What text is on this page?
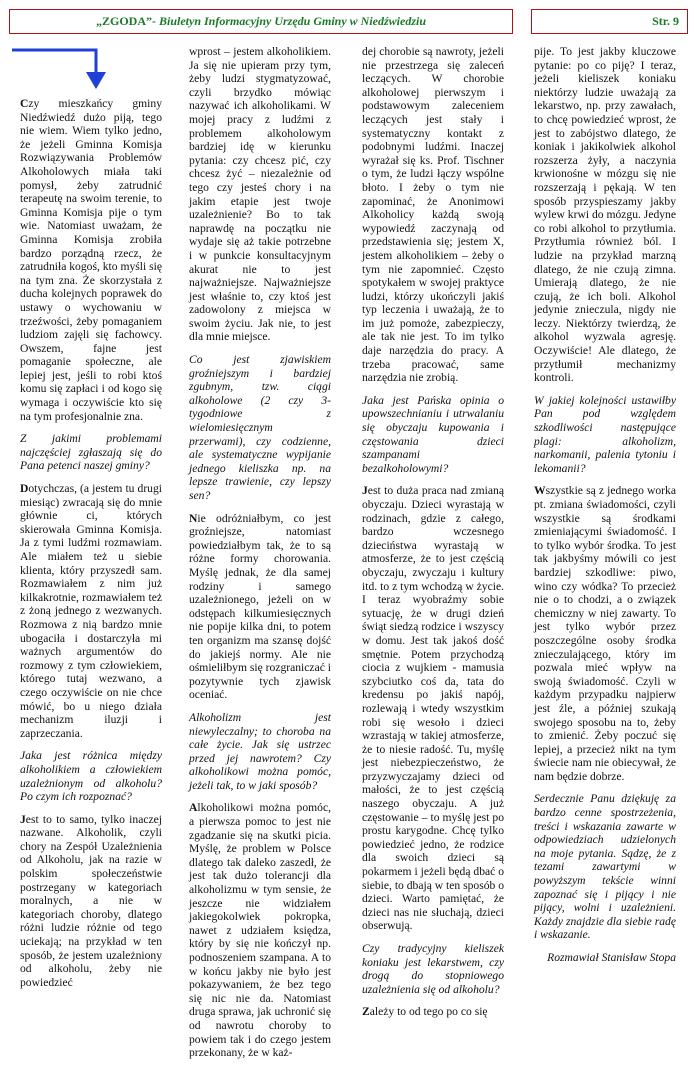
„ZGODA” - Biuletyn Informacyjny Urzędu Gminy w Niedźwiedziu	Str. 9

Czy mieszkańcy gminy Niedźwiedź dużo piją, tego nie wiem. Wiem tylko jedno, że jeżeli Gminna Komisja Rozwiązywania Problemów Alkoholowych miała taki pomysł, żeby zatrudnić terapeutę na swoim terenie, to Gminna Komisja pije o tym wie. Natomiast uważam, że Gminna Komisja zrobiła bardzo porządną rzecz, że zatrudniła kogoś, kto myśli się na tym zna. Że skorzystała z ducha kolejnych poprawek do ustawy o wychowaniu w trzeźwości, żeby pomaganiem ludziom zajęli się fachowcy. Owszem, fajne jest pomaganie społeczne, ale lepiej jest, jeśli to robi ktoś komu się zapłaci i od kogo się wymaga i oczywiście kto się na tym profesjonalnie zna.

Z jakimi problemami najczęściej zgłaszają się do Pana petenci naszej gminy?

Dotychczas, (a jestem tu drugi miesiąc) zwracają się do mnie głównie ci, których skierowała Gminna Komisja. Ja z tymi ludźmi rozmawiam. Ale miałem też u siebie klienta, który przyszedł sam. Rozmawiałem z nim już kilkakrotnie, rozmawiałem też z żoną jednego z wezwanych. Rozmowa z nią bardzo mnie ubogaciła i dostarczyła mi ważnych argumentów do rozmowy z tym człowiekiem, którego tutaj wezwano, a czego oczywiście on nie chce mówić, bo u niego działa mechanizm iluzji i zaprzeczania.

Jaka jest różnica między alkoholikiem a człowiekiem uzależnionym od alkoholu? Po czym ich rozpoznać?

Jest to to samo, tylko inaczej nazwane. Alkoholik, czyli chory na Zespół Uzależnienia od Alkoholu, jak na razie w polskim społeczeństwie postrzegany w kategoriach moralnych, a nie w kategoriach choroby, dlatego różni ludzie różnie od tego uciekają; na przykład w ten sposób, że jestem uzależniony od alkoholu, żeby nie powiedzieć

wprost – jestem alkoholikiem. Ja się nie upieram przy tym, żeby ludzi stygmatyzować, czyli brzydko mówiąc nazywać ich alkoholikami. W mojej pracy z ludźmi z problemem alkoholowym bardziej idę w kierunku pytania: czy chcesz pić, czy chcesz żyć – niezależnie od tego czy jesteś chory i na jakim etapie jest twoje uzależnienie? Bo to tak naprawdę na początku nie wydaje się aż takie potrzebne i w punkcie konsultacyjnym akurat nie to jest najważniejsze. Najważniejsze jest właśnie to, czy ktoś jest zadowolony z miejsca w swoim życiu. Jak nie, to jest dla mnie miejsce.

Co jest zjawiskiem groźniejszym i bardziej zgubnym, tzw. ciągi alkoholowe (2 czy 3-tygodniowe z wielomiesięcznym przerwami), czy codzienne, ale systematyczne wypijanie jednego kieliszka np. na lepsze trawienie, czy lepszy sen?

Nie odróżniałbym, co jest groźniejsze, natomiast powiedziałbym tak, że to są różne formy chorowania. Myślę jednak, że dla samej rodziny i samego uzależnionego, jeżeli on w odstępach kilkumiesięcznych nie popije kilka dni, to potem ten organizm ma szansę dojść do jakiejś normy. Ale nie ośmieliłbym się rozgraniczać i pozytywnie tych zjawisk oceniać.

Alkoholizm jest niewyleczalny; to choroba na całe życie. Jak się ustrzec przed jej nawrotem? Czy alkoholikowi można pomóc, jeżeli tak, to w jaki sposób?

Alkoholikowi można pomóc, a pierwsza pomoc to jest nie zgadzanie się na skutki picia. Myślę, że problem w Polsce dlatego tak daleko zaszedł, że jest tak dużo tolerancji dla alkoholizmu w tym sensie, że jeszcze nie widziałem jakiegokolwiek pokropka, nawet z udziałem księdza, który by się nie kończył np. podnoszeniem szampana. A to w końcu jakby nie było jest pokazywaniem, że bez tego się nic nie da. Natomiast druga sprawa, jak uchronić się od nawrotu choroby to powiem tak i do czego jestem przekonany, że w każ-

dej chorobie są nawroty, jeżeli nie przestrzega się zaleceń leczących. W chorobie alkoholowej pierwszym i podstawowym zaleceniem leczących jest stały i systematyczny kontakt z podobnymi ludźmi. Inaczej wyrażał się ks. Prof. Tischner o tym, że ludzi łączy wspólne błoto. I żeby o tym nie zapominać, że Anonimowi Alkoholicy każdą swoją wypowiedź zaczynają od przedstawienia się; jestem X, jestem alkoholikiem – żeby o tym nie zapomnieć. Często spotykałem w swojej praktyce ludzi, którzy ukończyli jakiś typ leczenia i uważają, że to im już pomoże, zabezpieczy, ale tak nie jest. To im tylko daje narzędzia do pracy. A trzeba pracować, same narzędzia nie zrobią.

Jaka jest Pańska opinia o upowszechnianiu i utrwalaniu się obyczaju kupowania i częstowania dzieci szampanami bezalkoholowymi?

Jest to duża praca nad zmianą obyczaju. Dzieci wyrastają w rodzinach, gdzie z całego, bardzo wczesnego dzieciństwa wyrastają w atmosferze, że to jest częścią obyczaju, zwyczaju i kultury itd. to z tym wchodzą w życie. I teraz wyobraźmy sobie sytuację, że w drugi dzień świąt siedzą rodzice i wszyscy w domu. Jest tak jakoś dość smętnie. Potem przychodzą ciocia z wujkiem - mamusia szybciutko coś da, tata do kredensu po jakiś napój, rozlewają i wtedy wszystkim robi się wesoło i dzieci wzrastają w takiej atmosferze, że to niesie radość. Tu, myślę jest niebezpieczeństwo, że przyzwyczajamy dzieci od małości, że to jest częścią naszego obyczaju. A już częstowanie – to myślę jest po prostu karygodne. Chcę tylko powiedzieć jedno, że rodzice dla swoich dzieci są pokarmem i jeżeli będą dbać o siebie, to dbają w ten sposób o dzieci. Warto pamiętać, że dzieci nas nie słuchają, dzieci obserwują.

Czy tradycyjny kieliszek koniaku jest lekarstwem, czy drogą do stopniowego uzależnienia się od alkoholu?

Zależy to od tego po co się

pije. To jest jakby kluczowe pytanie: po co piję? I teraz, jeżeli kieliszek koniaku niektórzy ludzie uważają za lekarstwo, np. przy zawałach, to chcę powiedzieć wprost, że jest to zabójstwo dlatego, że koniak i jakikolwiek alkohol rozszerza żyły, a naczynia krwionośne w mózgu się nie rozszerzają i pękają. W ten sposób przyspieszamy jakby wylew krwi do mózgu. Jedyne co robi alkohol to przytłumia. Przytłumia również ból. I ludzie na przykład marzną dlatego, że nie czują zimna. Umierają dlatego, że nie czują, że ich boli. Alkohol jedynie znieczula, nigdy nie leczy. Niektórzy twierdzą, że alkohol wyzwala agresję. Oczywiście! Ale dlatego, że przytłumił mechanizmy kontroli.

W jakiej kolejności ustawiłby Pan pod względem szkodliwości następujące plagi: alkoholizm, narkomanii, palenia tytoniu i lekomanii?

Wszystkie są z jednego worka pt. zmiana świadomości, czyli wszystkie są środkami zmieniającymi świadomość. I to tylko wybór środka. To jest tak jakbyśmy mówili co jest bardziej szkodliwe: piwo, wino czy wódka? To przecież nie o to chodzi, a o związek chemiczny w niej zawarty. To jest tylko wybór przez poszczególne osoby środka znieczulającego, który im pozwala mieć wpływ na swoją świadomość. Czyli w każdym przypadku najpierw jest źle, a później szukają swojego sposobu na to, żeby to zmienić. Żeby poczuć się lepiej, a przecież nikt na tym świecie nam nie obiecywał, że nam będzie dobrze.

Serdecznie Panu dziękuję za bardzo cenne spostrzeżenia, treści i wskazania zawarte w odpowiedziach udzielonych na moje pytania. Sądzę, że z tezami zawartymi w powyższym tekście winni zapoznać się i pijący i nie pijący, wolni i uzależnieni. Każdy znajdzie dla siebie radę i wskazanie.

Rozmawiał Stanisław Stopa
